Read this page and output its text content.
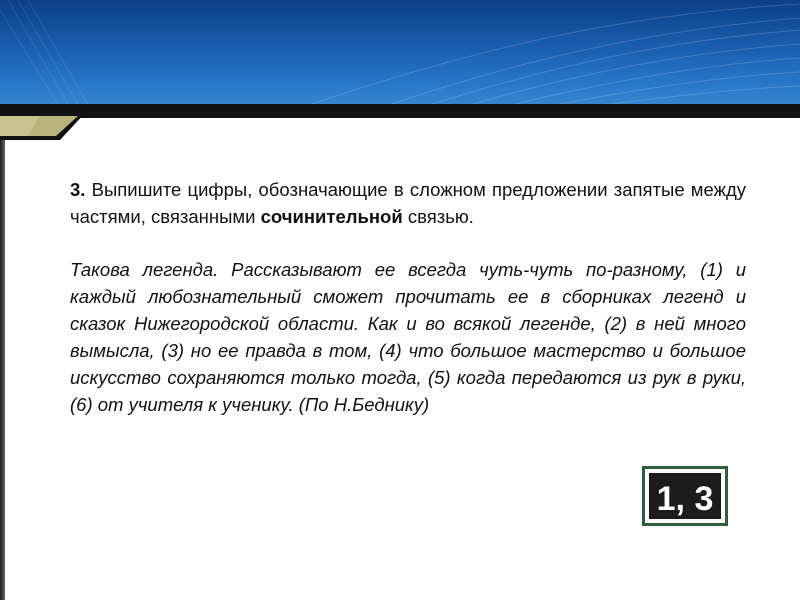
3. Выпишите цифры, обозначающие в сложном предложении запятые между частями, связанными сочинительной связью.

Такова легенда. Рассказывают ее всегда чуть-чуть по-разному, (1) и каждый любознательный сможет прочитать ее в сборниках легенд и сказок Нижегородской области. Как и во всякой легенде, (2) в ней много вымысла, (3) но ее правда в том, (4) что большое мастерство и большое искусство сохраняются только тогда, (5) когда передаются из рук в руки, (6) от учителя к ученику. (По Н.Беднику)

1, 3
